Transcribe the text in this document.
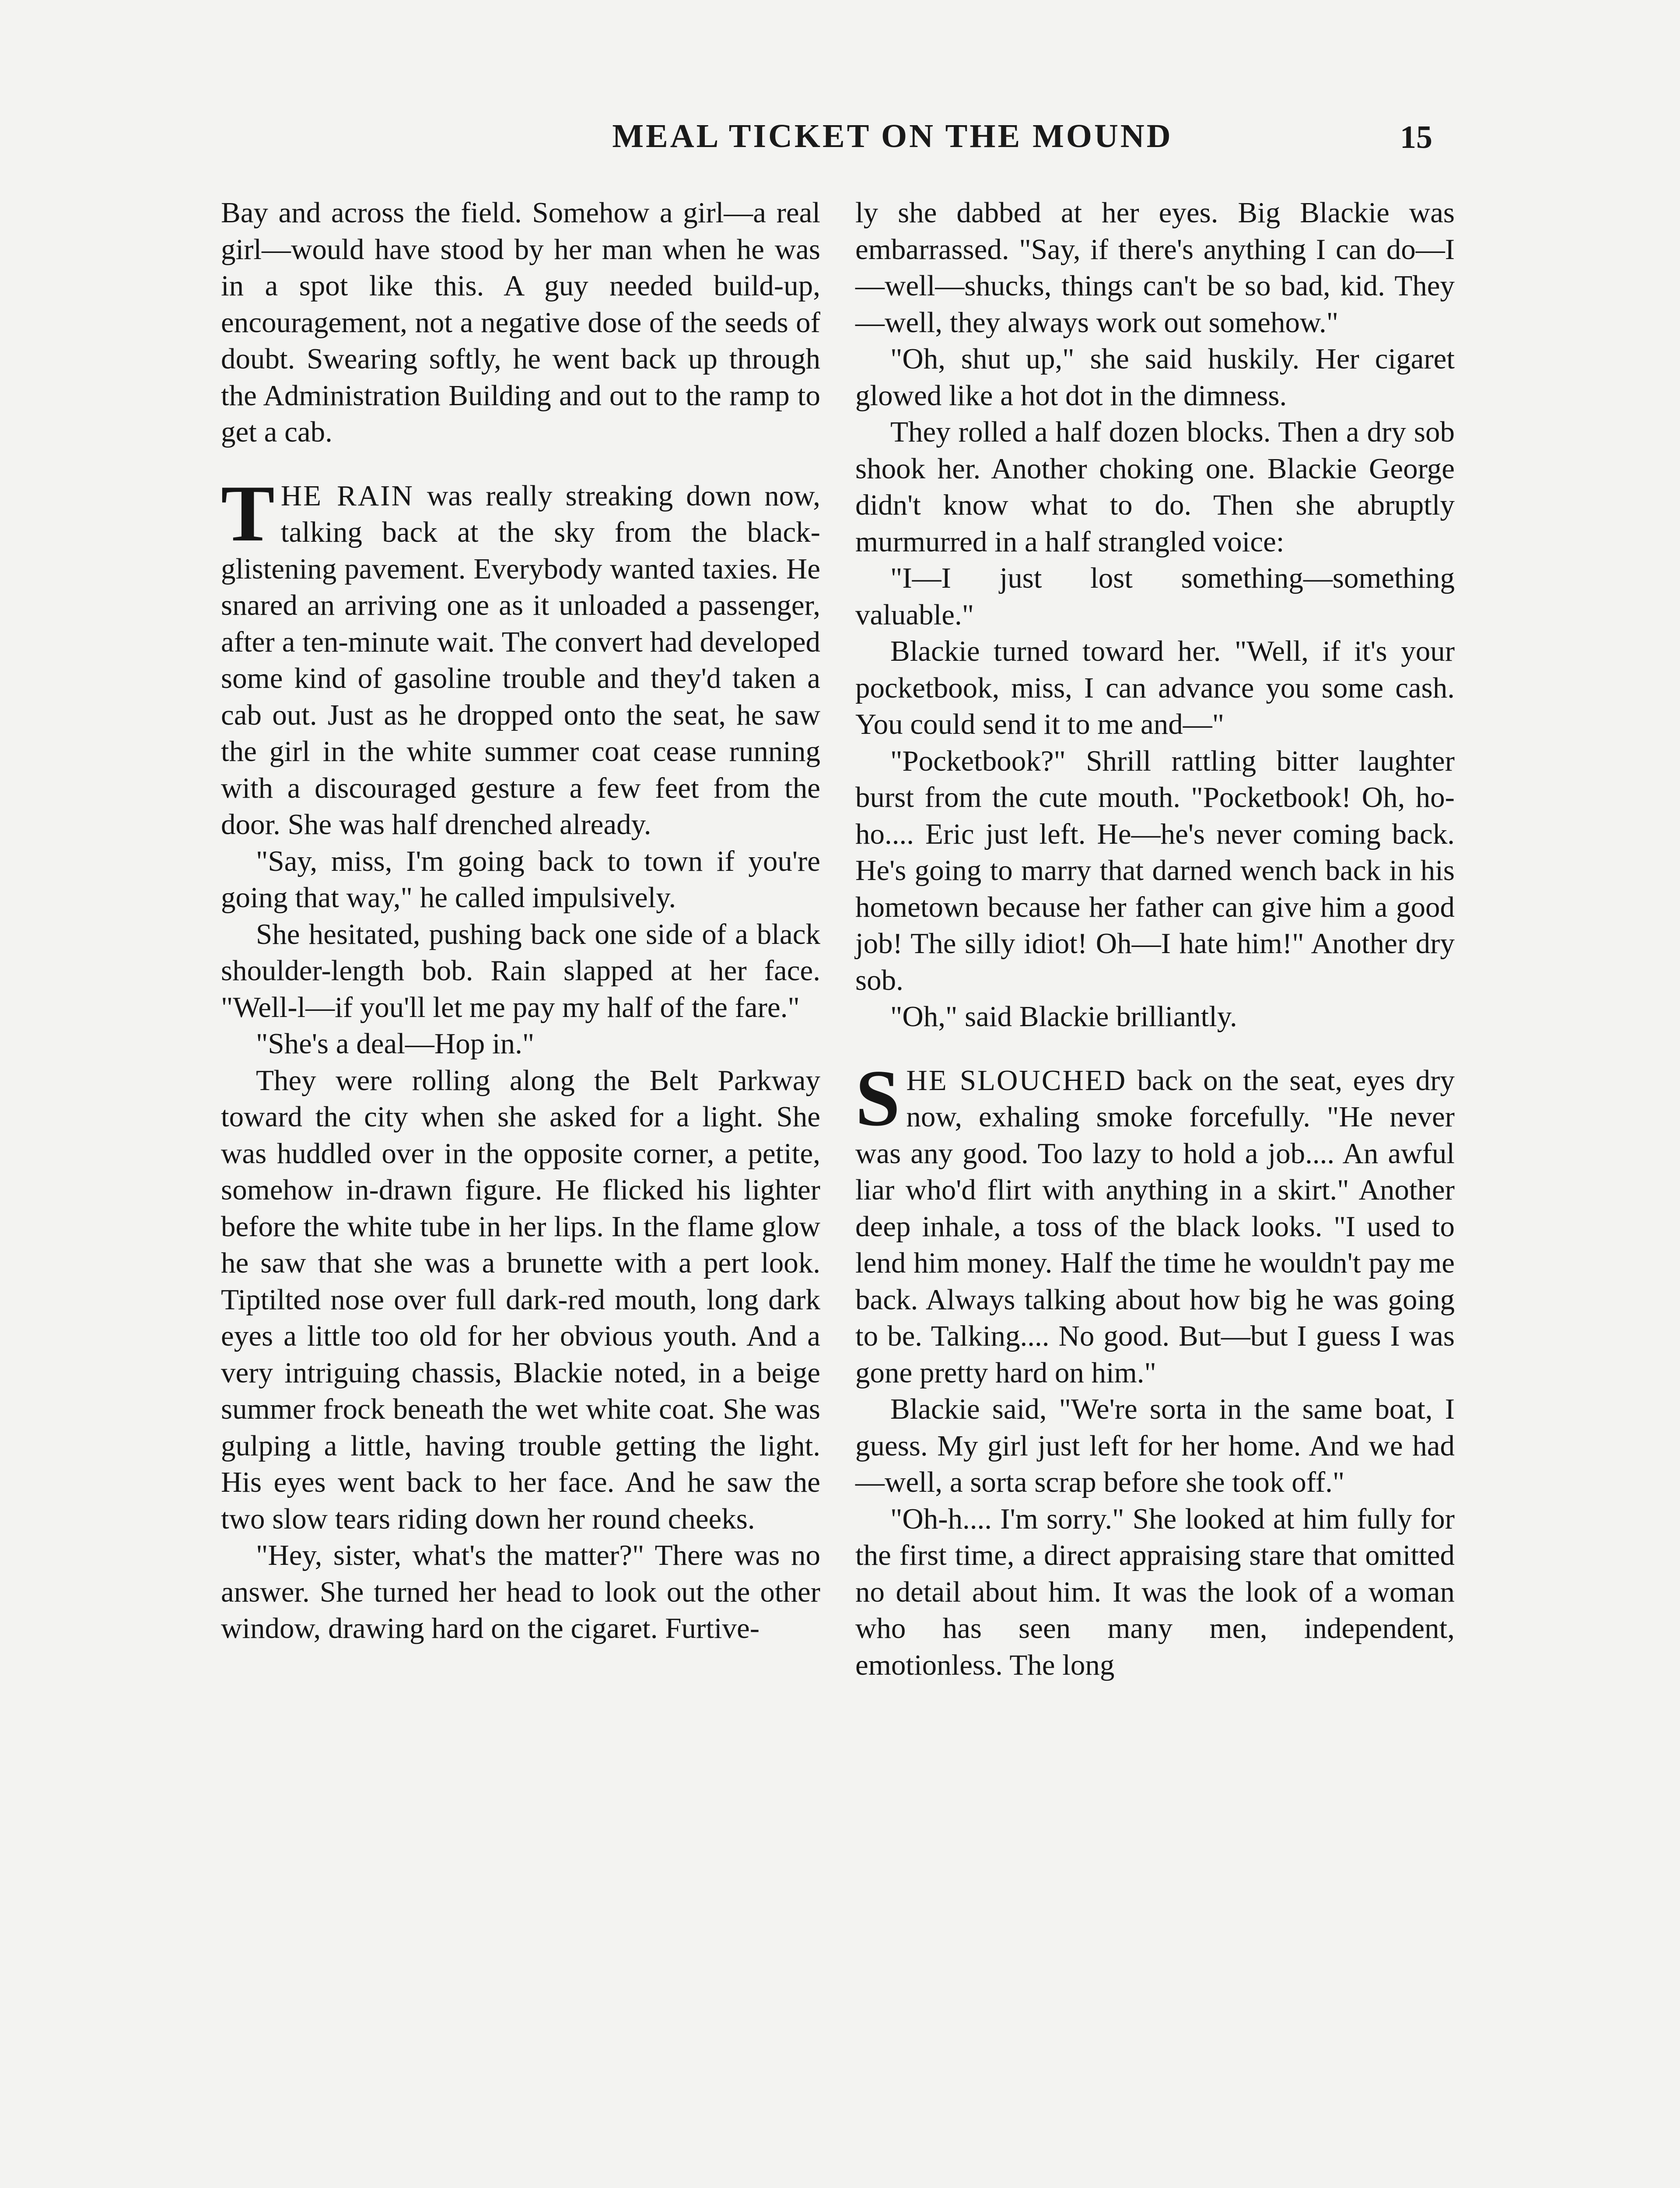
MEAL TICKET ON THE MOUND	15

Bay and across the field. Somehow a girl—a real girl—would have stood by her man when he was in a spot like this. A guy needed build-up, encouragement, not a negative dose of the seeds of doubt. Swearing softly, he went back up through the Administration Building and out to the ramp to get a cab.

THE RAIN was really streaking down now, talking back at the sky from the black-glistening pavement. Everybody wanted taxies. He snared an arriving one as it unloaded a passenger, after a ten-minute wait. The convert had developed some kind of gasoline trouble and they'd taken a cab out. Just as he dropped onto the seat, he saw the girl in the white summer coat cease running with a discouraged gesture a few feet from the door. She was half drenched already.

"Say, miss, I'm going back to town if you're going that way," he called impulsively.

She hesitated, pushing back one side of a black shoulder-length bob. Rain slapped at her face. "Well-l—if you'll let me pay my half of the fare."

"She's a deal—Hop in."

They were rolling along the Belt Parkway toward the city when she asked for a light. She was huddled over in the opposite corner, a petite, somehow in-drawn figure. He flicked his lighter before the white tube in her lips. In the flame glow he saw that she was a brunette with a pert look. Tiptilted nose over full dark-red mouth, long dark eyes a little too old for her obvious youth. And a very intriguing chassis, Blackie noted, in a beige summer frock beneath the wet white coat. She was gulping a little, having trouble getting the light. His eyes went back to her face. And he saw the two slow tears riding down her round cheeks.

"Hey, sister, what's the matter?" There was no answer. She turned her head to look out the other window, drawing hard on the cigaret. Furtive-

ly she dabbed at her eyes. Big Blackie was embarrassed. "Say, if there's anything I can do—I—well—shucks, things can't be so bad, kid. They—well, they always work out somehow."

"Oh, shut up," she said huskily. Her cigaret glowed like a hot dot in the dimness.

They rolled a half dozen blocks. Then a dry sob shook her. Another choking one. Blackie George didn't know what to do. Then she abruptly murmurred in a half strangled voice:

"I—I just lost something—something valuable."

Blackie turned toward her. "Well, if it's your pocketbook, miss, I can advance you some cash. You could send it to me and—"

"Pocketbook?" Shrill rattling bitter laughter burst from the cute mouth. "Pocketbook! Oh, ho-ho.... Eric just left. He—he's never coming back. He's going to marry that darned wench back in his hometown because her father can give him a good job! The silly idiot! Oh—I hate him!" Another dry sob.

"Oh," said Blackie brilliantly.

SHE SLOUCHED back on the seat, eyes dry now, exhaling smoke forcefully. "He never was any good. Too lazy to hold a job.... An awful liar who'd flirt with anything in a skirt." Another deep inhale, a toss of the black looks. "I used to lend him money. Half the time he wouldn't pay me back. Always talking about how big he was going to be. Talking.... No good. But—but I guess I was gone pretty hard on him."

Blackie said, "We're sorta in the same boat, I guess. My girl just left for her home. And we had—well, a sorta scrap before she took off."

"Oh-h.... I'm sorry." She looked at him fully for the first time, a direct appraising stare that omitted no detail about him. It was the look of a woman who has seen many men, independent, emotionless. The long
